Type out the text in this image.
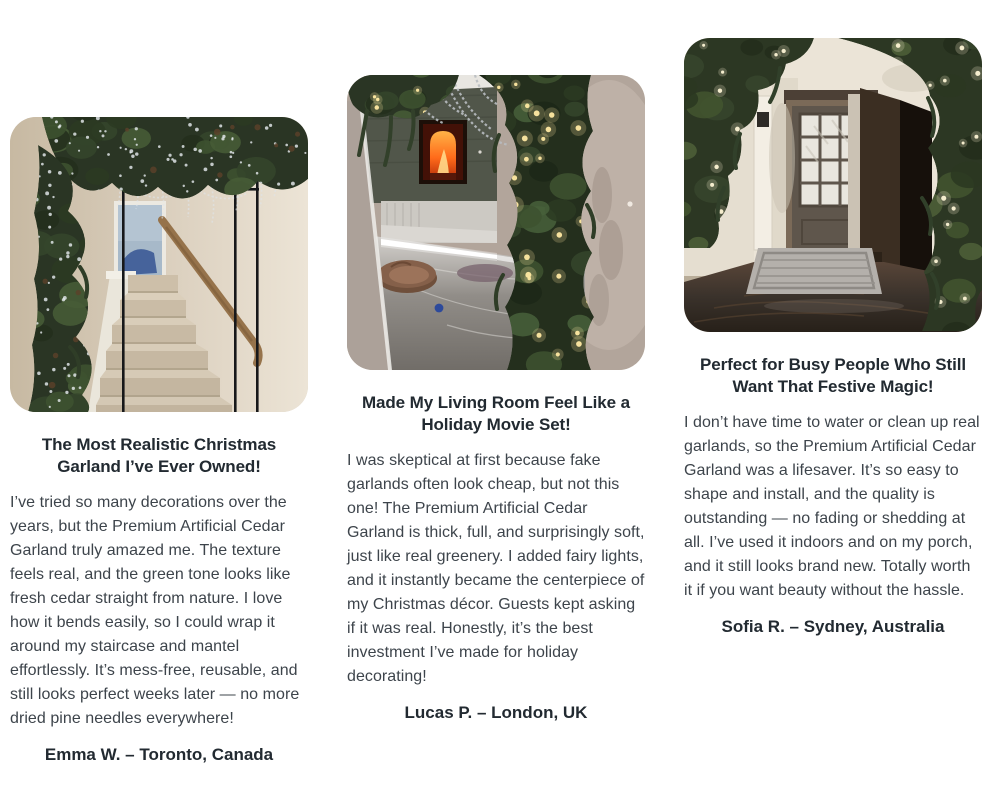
The Most Realistic Christmas Garland I’ve Ever Owned!

I’ve tried so many decorations over the years, but the Premium Artificial Cedar Garland truly amazed me. The texture feels real, and the green tone looks like fresh cedar straight from nature. I love how it bends easily, so I could wrap it around my staircase and mantel effortlessly. It’s mess-free, reusable, and still looks perfect weeks later — no more dried pine needles everywhere!

Emma W. – Toronto, Canada
Made My Living Room Feel Like a Holiday Movie Set!

I was skeptical at first because fake garlands often look cheap, but not this one! The Premium Artificial Cedar Garland is thick, full, and surprisingly soft, just like real greenery. I added fairy lights, and it instantly became the centerpiece of my Christmas décor. Guests kept asking if it was real. Honestly, it’s the best investment I’ve made for holiday decorating!

Lucas P. – London, UK
Perfect for Busy People Who Still Want That Festive Magic!

I don’t have time to water or clean up real garlands, so the Premium Artificial Cedar Garland was a lifesaver. It’s so easy to shape and install, and the quality is outstanding — no fading or shedding at all. I’ve used it indoors and on my porch, and it still looks brand new. Totally worth it if you want beauty without the hassle.

Sofia R. – Sydney, Australia
